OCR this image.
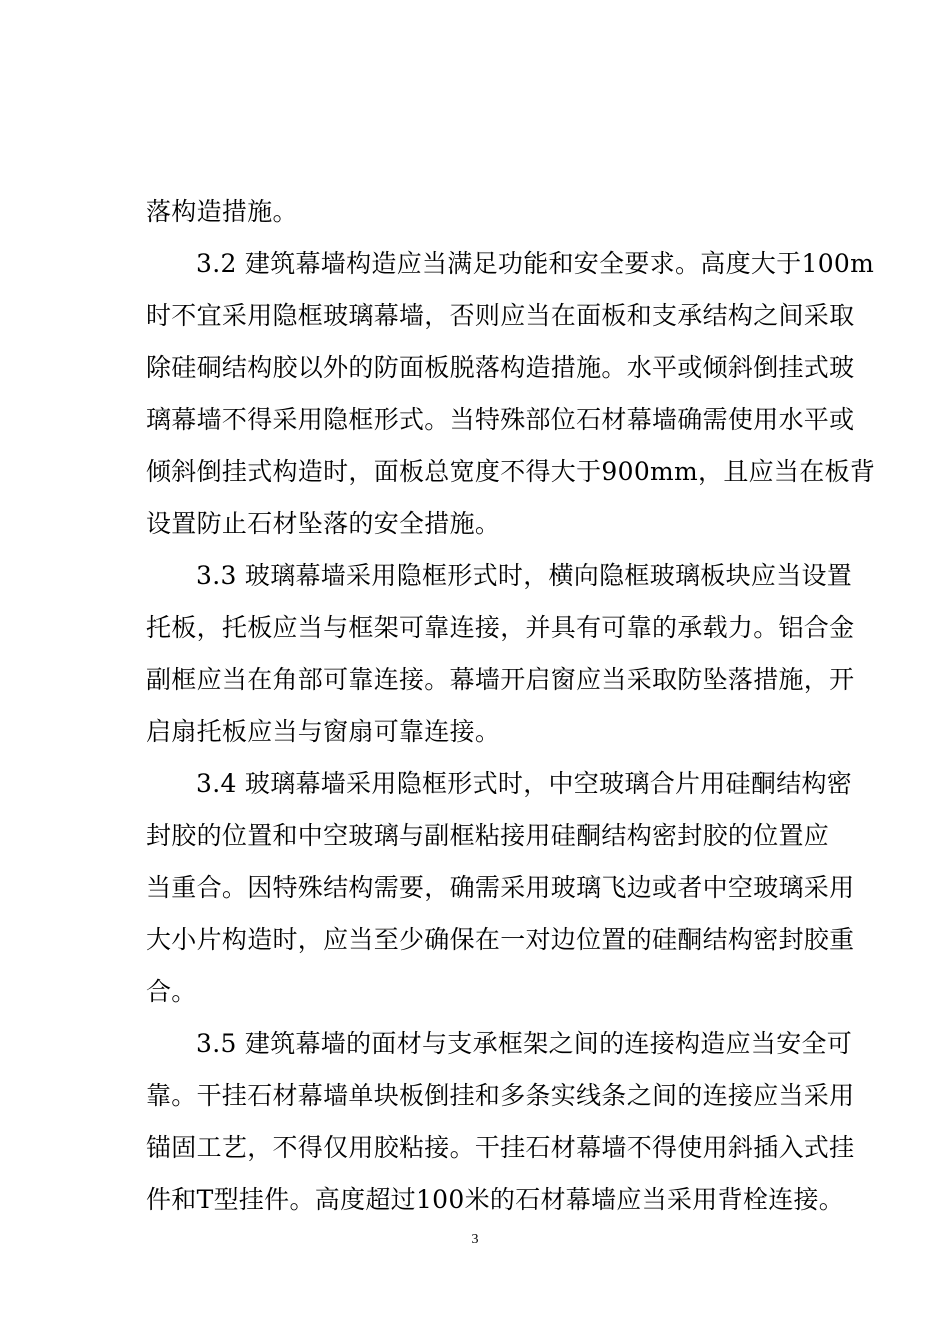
落构造措施。
3.2 建筑幕墙构造应当满足功能和安全要求。高度大于100m
时不宜采用隐框玻璃幕墙，否则应当在面板和支承结构之间采取
除硅硐结构胶以外的防面板脱落构造措施。水平或倾斜倒挂式玻
璃幕墙不得采用隐框形式。当特殊部位石材幕墙确需使用水平或
倾斜倒挂式构造时，面板总宽度不得大于900mm，且应当在板背
设置防止石材坠落的安全措施。
3.3 玻璃幕墙采用隐框形式时，横向隐框玻璃板块应当设置
托板，托板应当与框架可靠连接，并具有可靠的承载力。铝合金
副框应当在角部可靠连接。幕墙开启窗应当采取防坠落措施，开
启扇托板应当与窗扇可靠连接。
3.4 玻璃幕墙采用隐框形式时，中空玻璃合片用硅酮结构密
封胶的位置和中空玻璃与副框粘接用硅酮结构密封胶的位置应
当重合。因特殊结构需要，确需采用玻璃飞边或者中空玻璃采用
大小片构造时，应当至少确保在一对边位置的硅酮结构密封胶重
合。
3.5 建筑幕墙的面材与支承框架之间的连接构造应当安全可
靠。干挂石材幕墙单块板倒挂和多条实线条之间的连接应当采用
锚固工艺，不得仅用胶粘接。干挂石材幕墙不得使用斜插入式挂
件和T型挂件。高度超过100米的石材幕墙应当采用背栓连接。
3
